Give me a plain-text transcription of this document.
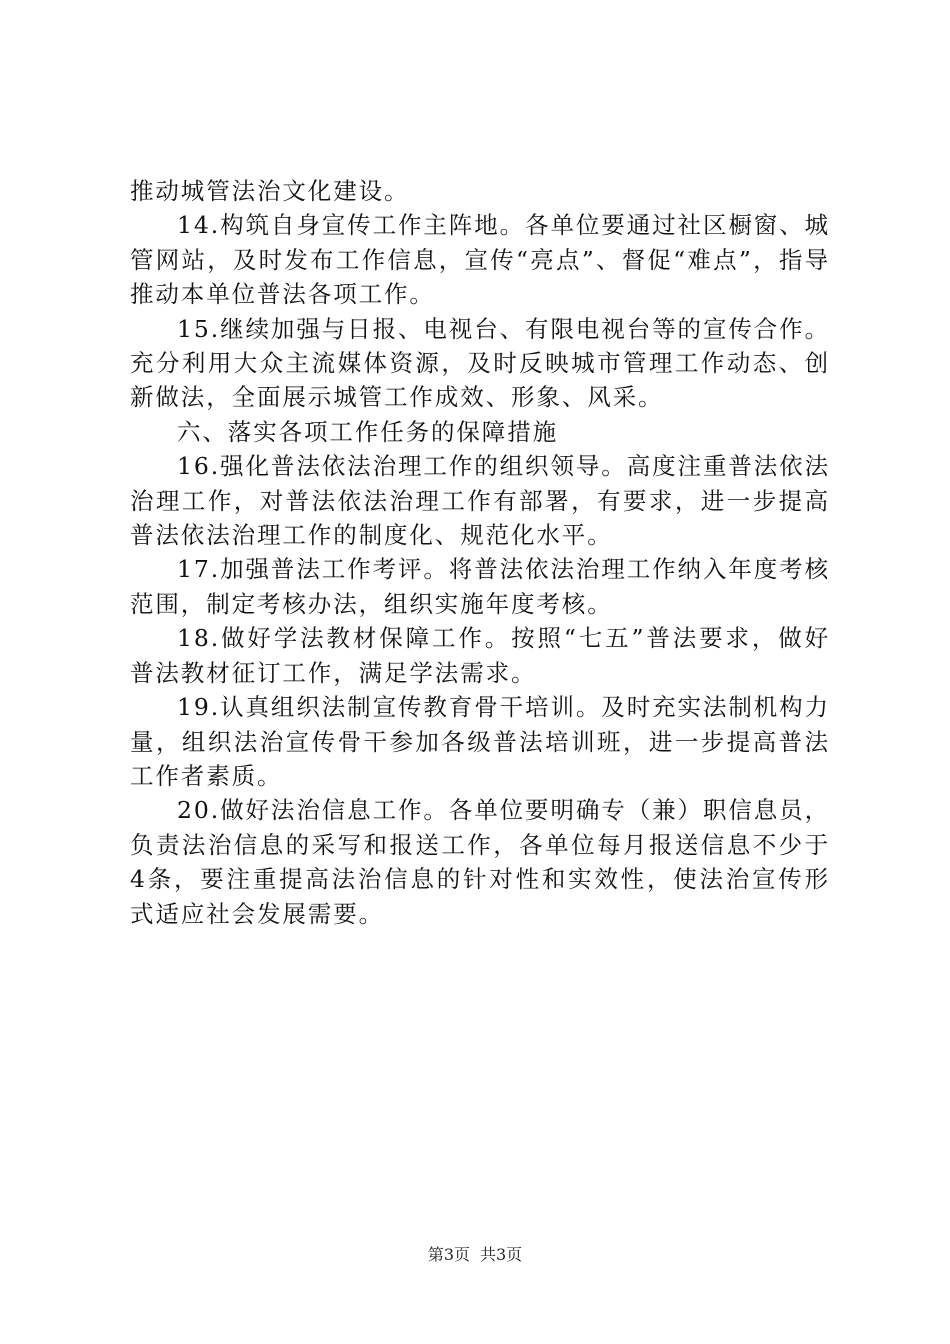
推动城管法治文化建设。

14.构筑自身宣传工作主阵地。各单位要通过社区橱窗、城管网站，及时发布工作信息，宣传“亮点”、督促“难点”，指导推动本单位普法各项工作。

15.继续加强与日报、电视台、有限电视台等的宣传合作。充分利用大众主流媒体资源，及时反映城市管理工作动态、创新做法，全面展示城管工作成效、形象、风采。

六、落实各项工作任务的保障措施

16.强化普法依法治理工作的组织领导。高度注重普法依法治理工作，对普法依法治理工作有部署，有要求，进一步提高普法依法治理工作的制度化、规范化水平。

17.加强普法工作考评。将普法依法治理工作纳入年度考核范围，制定考核办法，组织实施年度考核。

18.做好学法教材保障工作。按照“七五”普法要求，做好普法教材征订工作，满足学法需求。

19.认真组织法制宣传教育骨干培训。及时充实法制机构力量，组织法治宣传骨干参加各级普法培训班，进一步提高普法工作者素质。

20.做好法治信息工作。各单位要明确专（兼）职信息员，负责法治信息的采写和报送工作，各单位每月报送信息不少于4条，要注重提高法治信息的针对性和实效性，使法治宣传形式适应社会发展需要。

第3页 共3页
